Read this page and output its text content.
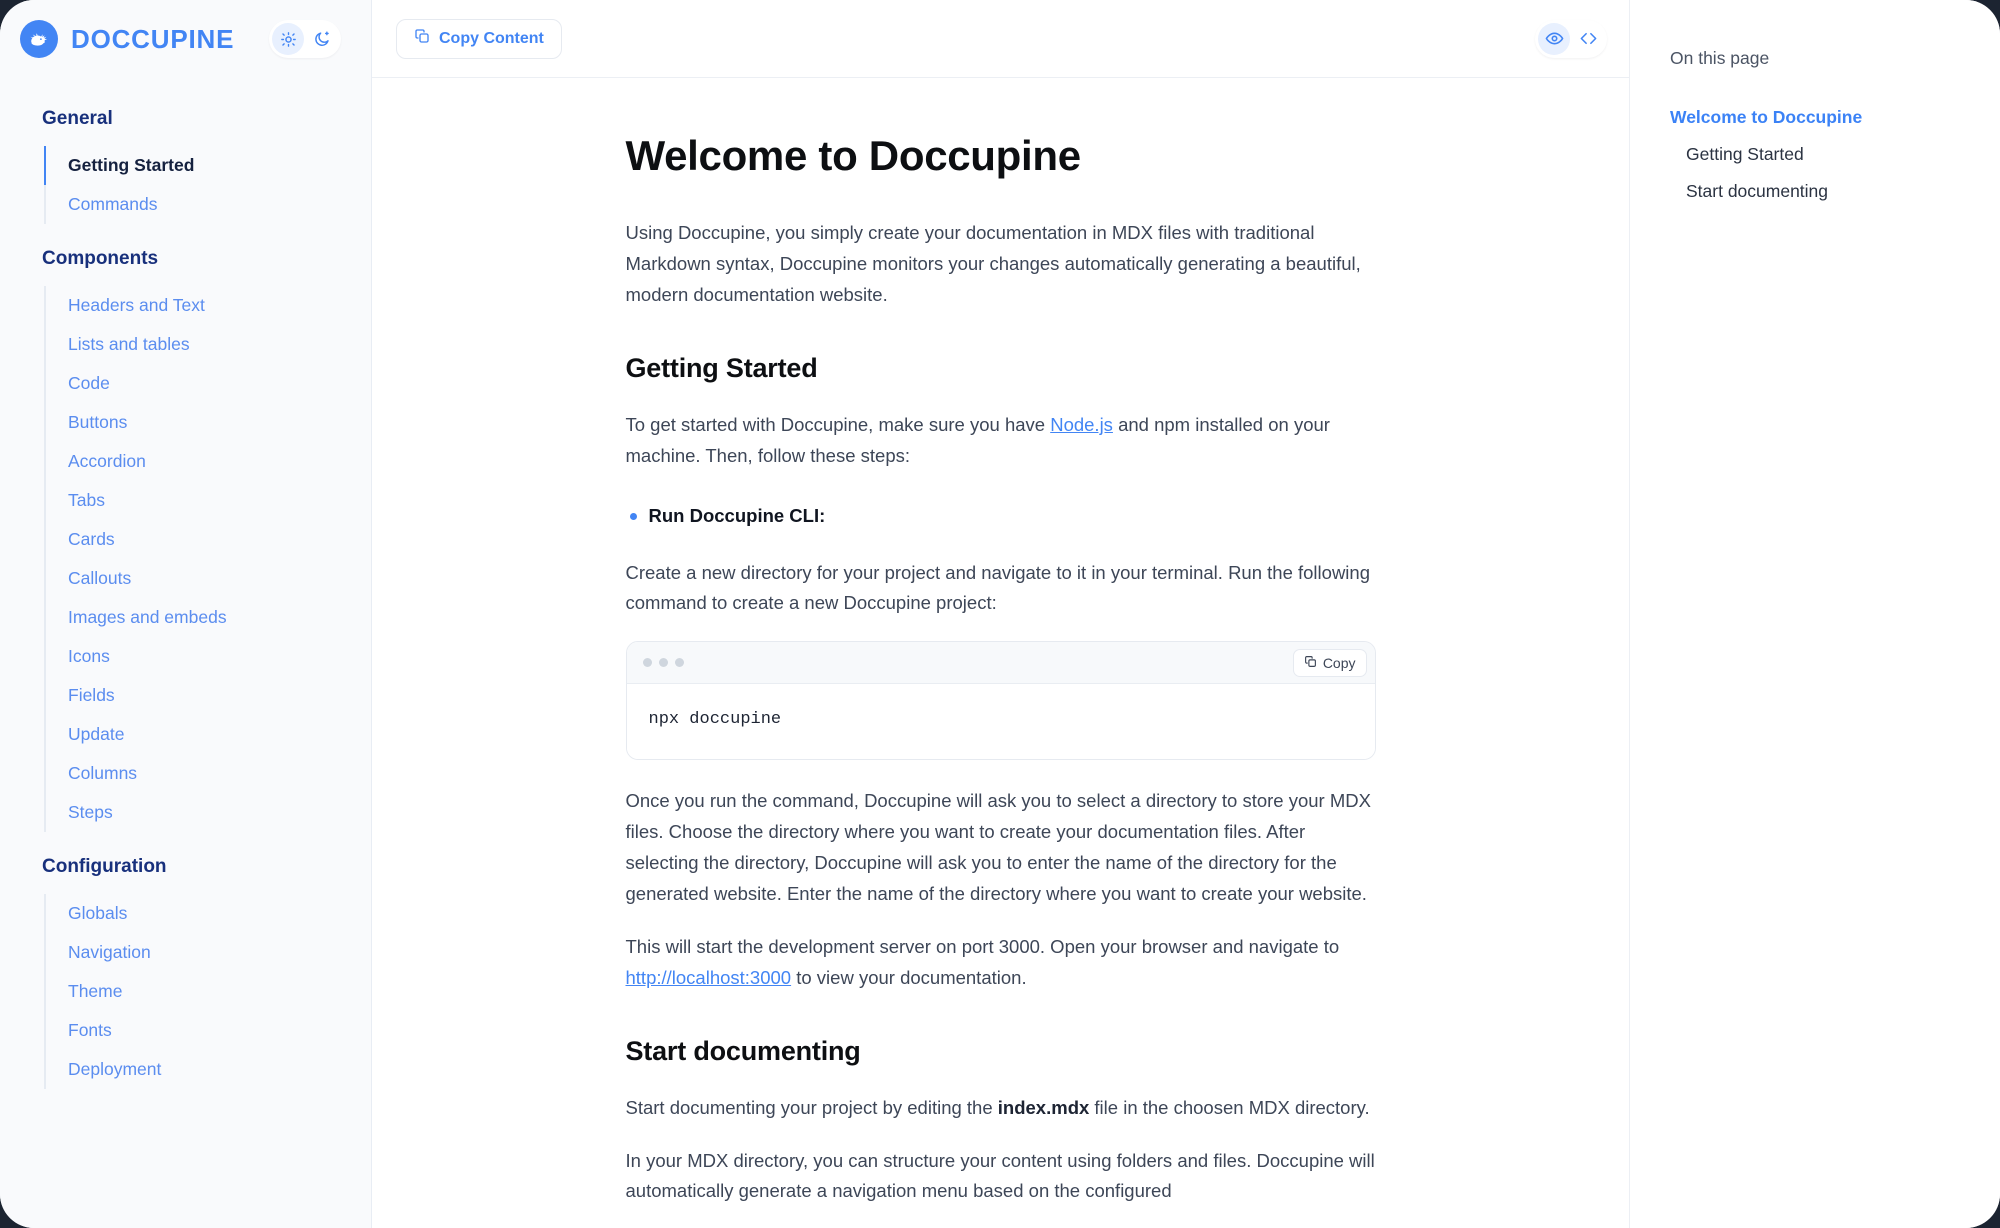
DOCCUPINE
General
Getting Started
Commands
Components
Headers and Text
Lists and tables
Code
Buttons
Accordion
Tabs
Cards
Callouts
Images and embeds
Icons
Fields
Update
Columns
Steps
Configuration
Globals
Navigation
Theme
Fonts
Deployment
Copy Content
Welcome to Doccupine

Using Doccupine, you simply create your documentation in MDX files with traditional Markdown syntax, Doccupine monitors your changes automatically generating a beautiful, modern documentation website.

Getting Started

To get started with Doccupine, make sure you have Node.js and npm installed on your machine. Then, follow these steps:

Run Doccupine CLI:

Create a new directory for your project and navigate to it in your terminal. Run the following command to create a new Doccupine project:

Copy
npx doccupine

Once you run the command, Doccupine will ask you to select a directory to store your MDX files. Choose the directory where you want to create your documentation files. After selecting the directory, Doccupine will ask you to enter the name of the directory for the generated website. Enter the name of the directory where you want to create your website.

This will start the development server on port 3000. Open your browser and navigate to http://localhost:3000 to view your documentation.

Start documenting

Start documenting your project by editing the index.mdx file in the choosen MDX directory.

In your MDX directory, you can structure your content using folders and files. Doccupine will automatically generate a navigation menu based on the configured

On this page
Welcome to Doccupine
Getting Started
Start documenting
